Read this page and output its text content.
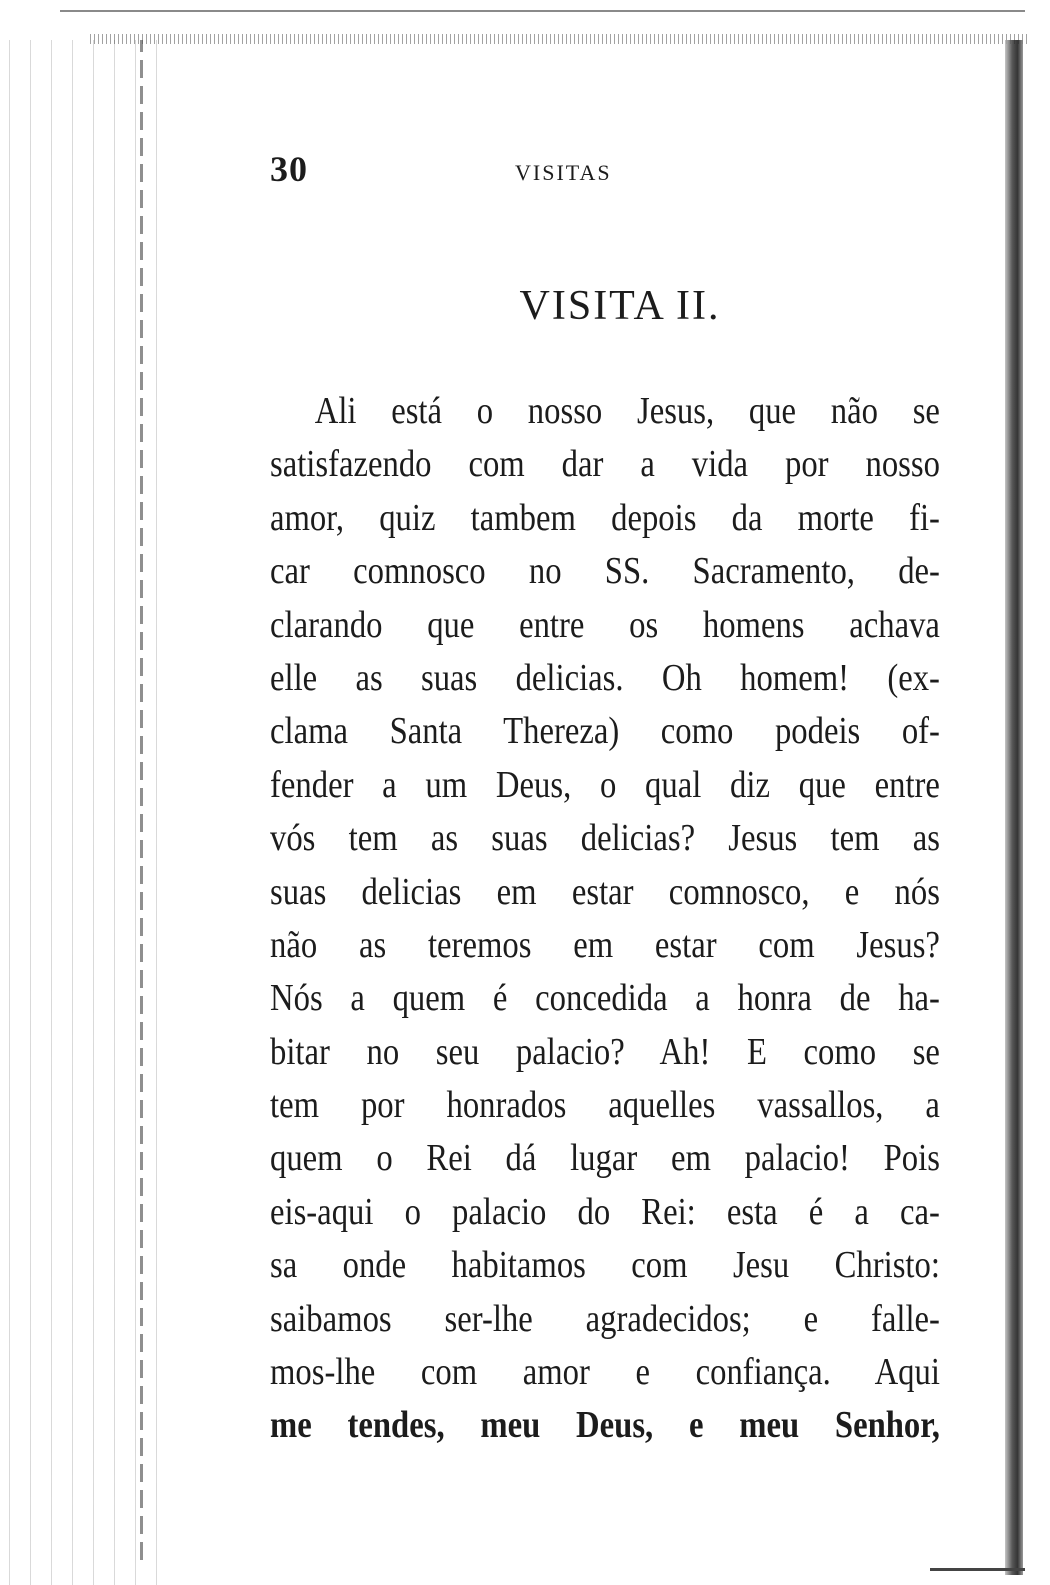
30	VISITAS
VISITA II.
Ali está o nosso Jesus, que não se
satisfazendo com dar a vida por nosso
amor, quiz tambem depois da morte fi-
car comnosco no SS. Sacramento, de-
clarando que entre os homens achava
elle as suas delicias. Oh homem! (ex-
clama Santa Thereza) como podeis of-
fender a um Deus, o qual diz que entre
vós tem as suas delicias? Jesus tem as
suas delicias em estar comnosco, e nós
não as teremos em estar com Jesus?
Nós a quem é concedida a honra de ha-
bitar no seu palacio? Ah! E como se
tem por honrados aquelles vassallos, a
quem o Rei dá lugar em palacio! Pois
eis-aqui o palacio do Rei: esta é a ca-
sa onde habitamos com Jesu Christo:
saibamos ser-lhe agradecidos; e falle-
mos-lhe com amor e confiança. Aqui
me tendes, meu Deus, e meu Senhor,
